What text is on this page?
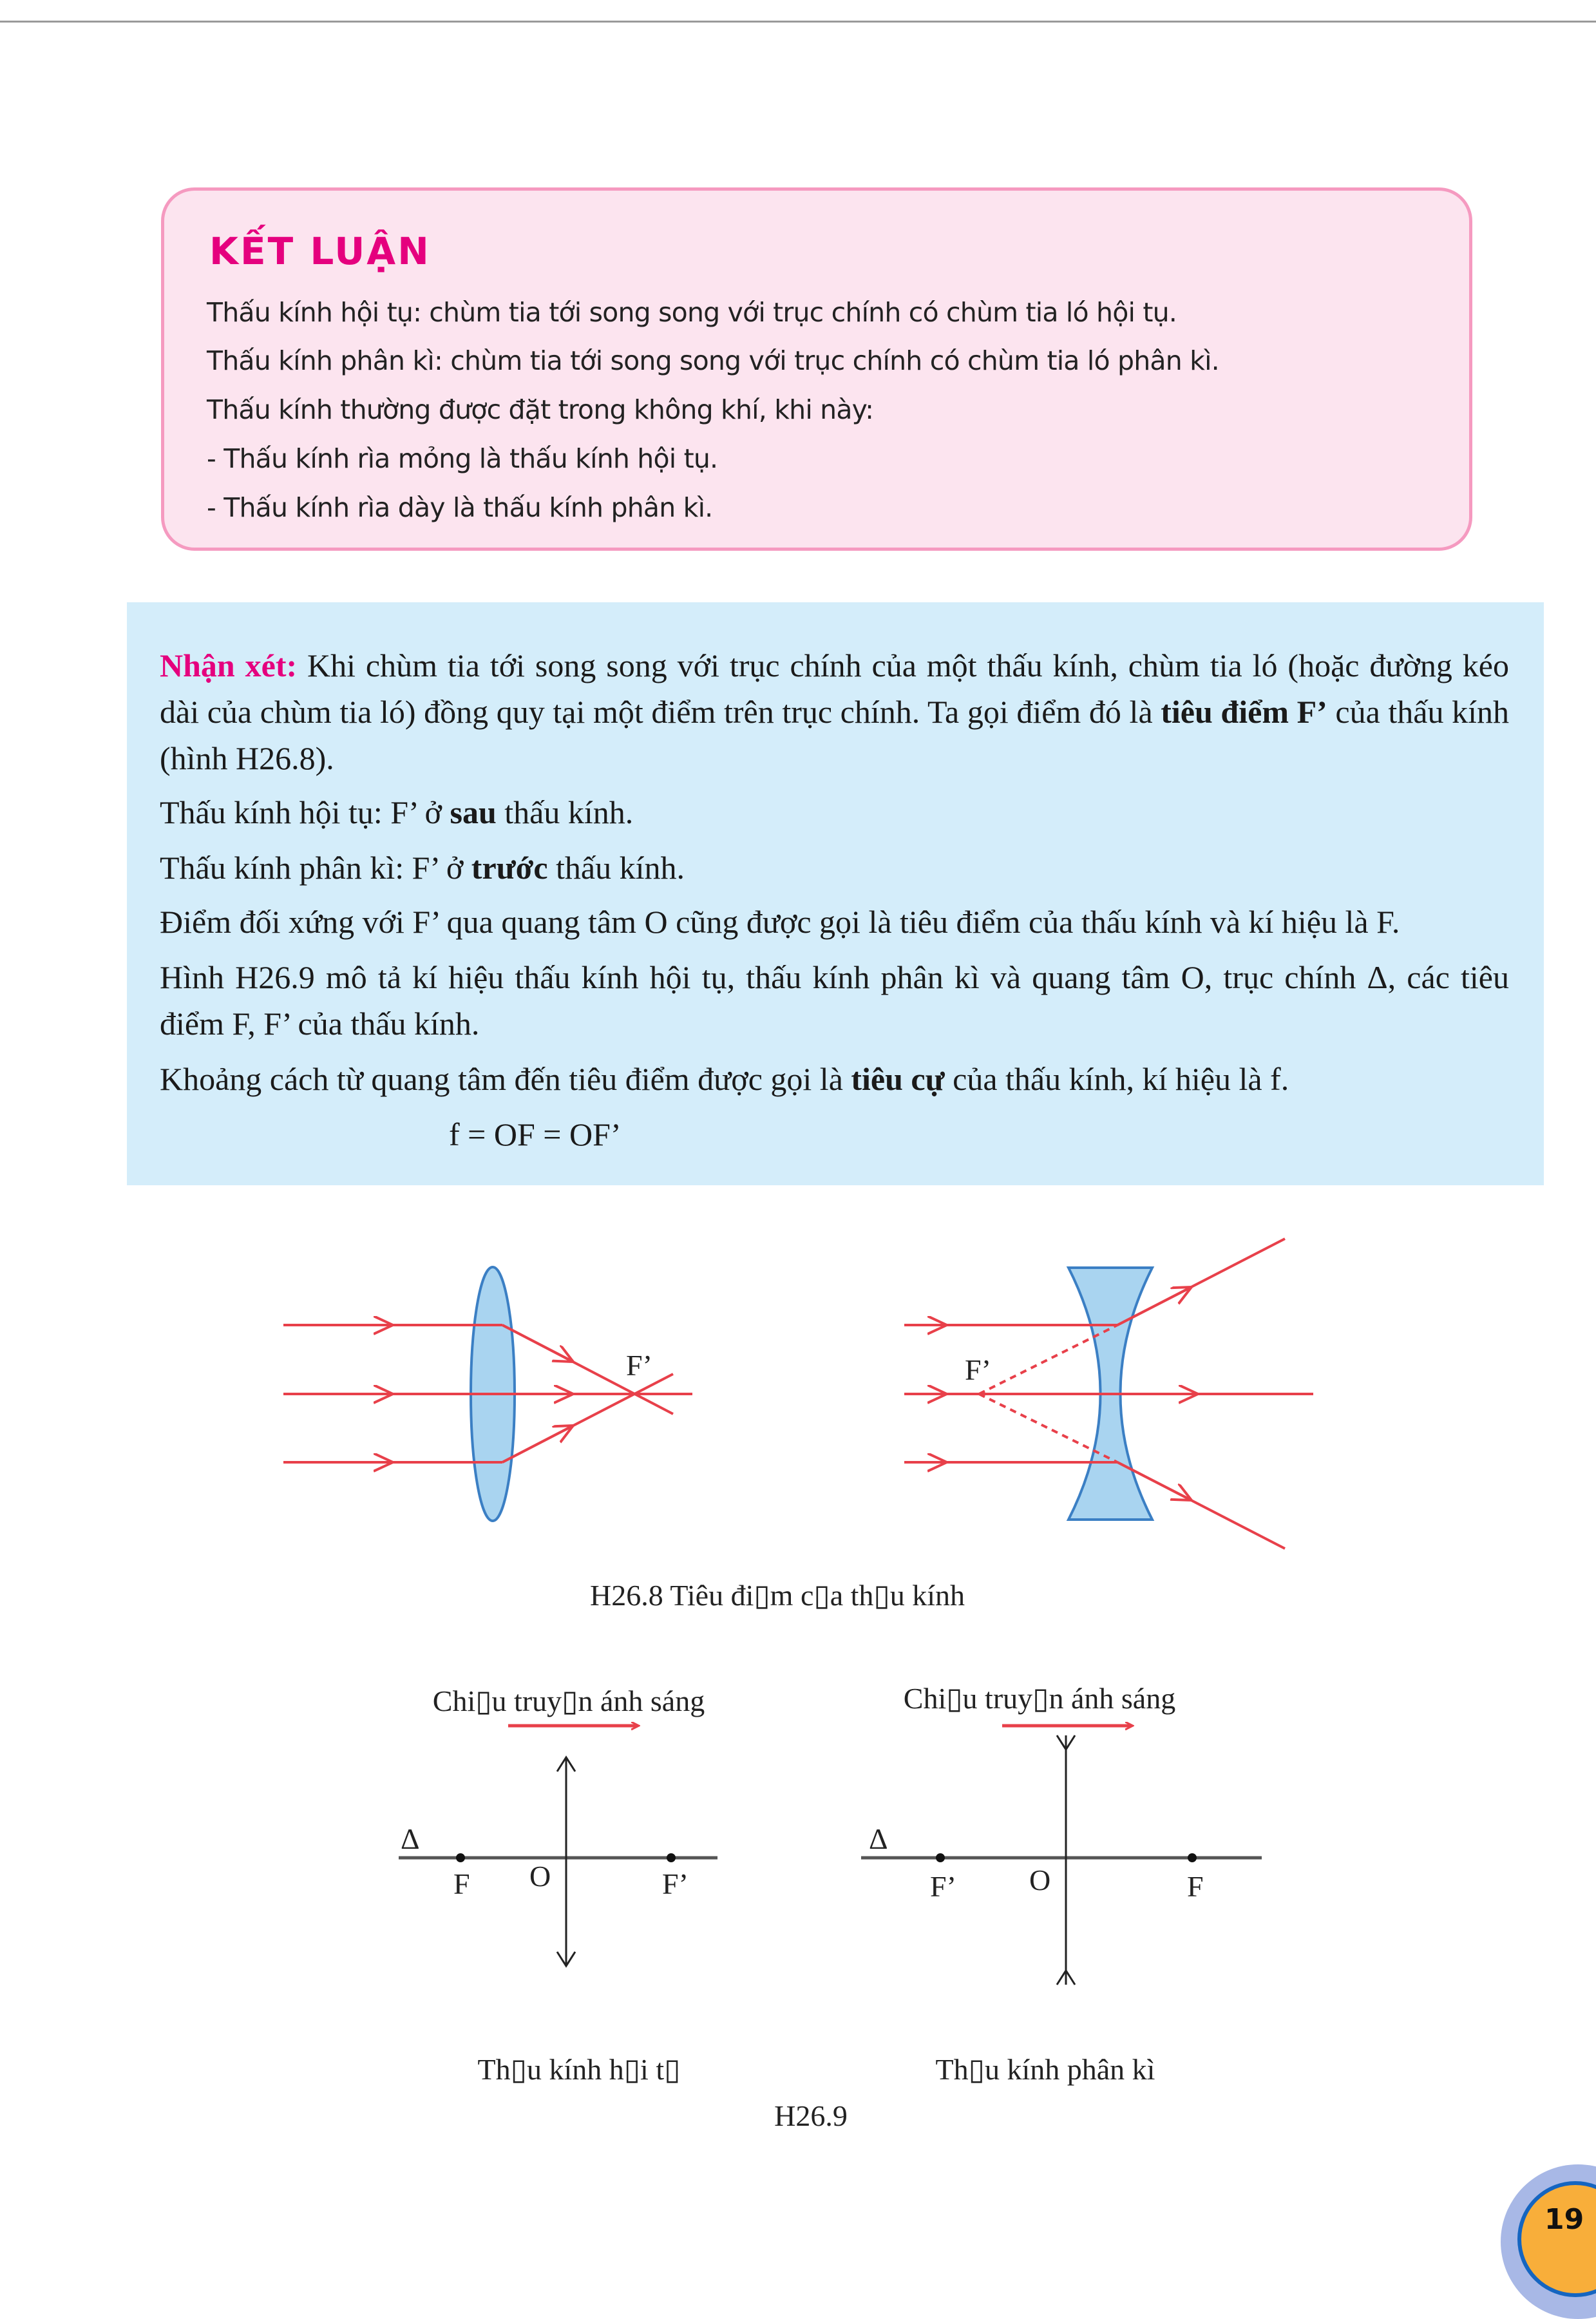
KẾT LUẬN
Thấu kính hội tụ: chùm tia tới song song với trục chính có chùm tia ló hội tụ.
Thấu kính phân kì: chùm tia tới song song với trục chính có chùm tia ló phân kì.
Thấu kính thường được đặt trong không khí, khi này:
- Thấu kính rìa mỏng là thấu kính hội tụ.
- Thấu kính rìa dày là thấu kính phân kì.
Nhận xét: Khi chùm tia tới song song với trục chính của một thấu kính, chùm tia ló (hoặc đường kéo dài của chùm tia ló) đồng quy tại một điểm trên trục chính. Ta gọi điểm đó là tiêu điểm F’ của thấu kính (hình H26.8).
Thấu kính hội tụ: F’ ở sau thấu kính.
Thấu kính phân kì: F’ ở trước thấu kính.
Điểm đối xứng với F’ qua quang tâm O cũng được gọi là tiêu điểm của thấu kính và kí hiệu là F.
Hình H26.9 mô tả kí hiệu thấu kính hội tụ, thấu kính phân kì và quang tâm O, trục chính Δ, các tiêu điểm F, F’ của thấu kính.
Khoảng cách từ quang tâm đến tiêu điểm được gọi là tiêu cự của thấu kính, kí hiệu là f.
f = OF = OF’
F’	F’
H26.8 Tiêu đi▯m c▯a th▯u kính
Chi▯u truy▯n ánh sáng
Δ
F O	F’
Th▯u kính h▯i t▯
Chi▯u truy▯n ánh sáng
Δ
F’ O	F
Th▯u kính phân kì
H26.9
19
